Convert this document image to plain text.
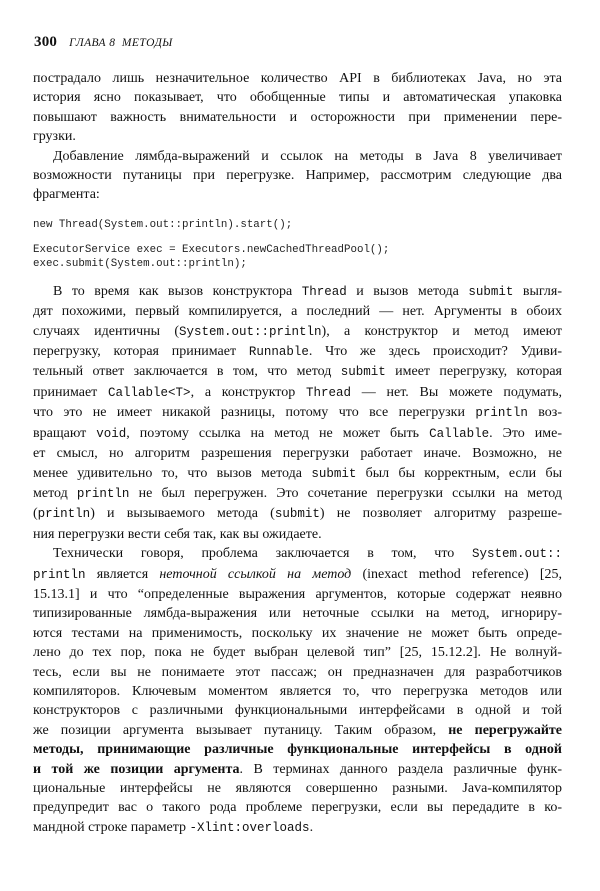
300 ГЛАВА 8 МЕТОДЫ

пострадало лишь незначительное количество API в библиотеках Java, но эта
история ясно показывает, что обобщенные типы и автоматическая упаковка
повышают важность внимательности и осторожности при применении пере-
грузки.

Добавление лямбда-выражений и ссылок на методы в Java 8 увеличивает
возможности путаницы при перегрузке. Например, рассмотрим следующие два
фрагмента:

new Thread(System.out::println).start();
ExecutorService exec = Executors.newCachedThreadPool();
exec.submit(System.out::println);

В то время как вызов конструктора Thread и вызов метода submit выгля-
дят похожими, первый компилируется, а последний — нет. Аргументы в обоих
случаях идентичны (System.out::println), а конструктор и метод имеют
перегрузку, которая принимает Runnable. Что же здесь происходит? Удиви-
тельный ответ заключается в том, что метод submit имеет перегрузку, которая
принимает Callable<T>, а конструктор Thread — нет. Вы можете подумать,
что это не имеет никакой разницы, потому что все перегрузки println воз-
вращают void, поэтому ссылка на метод не может быть Callable. Это име-
ет смысл, но алгоритм разрешения перегрузки работает иначе. Возможно, не
менее удивительно то, что вызов метода submit был бы корректным, если бы
метод println не был перегружен. Это сочетание перегрузки ссылки на метод
(println) и вызываемого метода (submit) не позволяет алгоритму разреше-
ния перегрузки вести себя так, как вы ожидаете.

Технически говоря, проблема заключается в том, что System.out::
println является неточной ссылкой на метод (inexact method reference) [25,
15.13.1] и что “определенные выражения аргументов, которые содержат неявно
типизированные лямбда-выражения или неточные ссылки на метод, игнориру-
ются тестами на применимость, поскольку их значение не может быть опреде-
лено до тех пор, пока не будет выбран целевой тип” [25, 15.12.2]. Не волнуй-
тесь, если вы не понимаете этот пассаж; он предназначен для разработчиков
компиляторов. Ключевым моментом является то, что перегрузка методов или
конструкторов с различными функциональными интерфейсами в одной и той
же позиции аргумента вызывает путаницу. Таким образом, не перегружайте
методы, принимающие различные функциональные интерфейсы в одной
и той же позиции аргумента. В терминах данного раздела различные функ-
циональные интерфейсы не являются совершенно разными. Java-компилятор
предупредит вас о такого рода проблеме перегрузки, если вы передадите в ко-
мандной строке параметр -Xlint:overloads.
